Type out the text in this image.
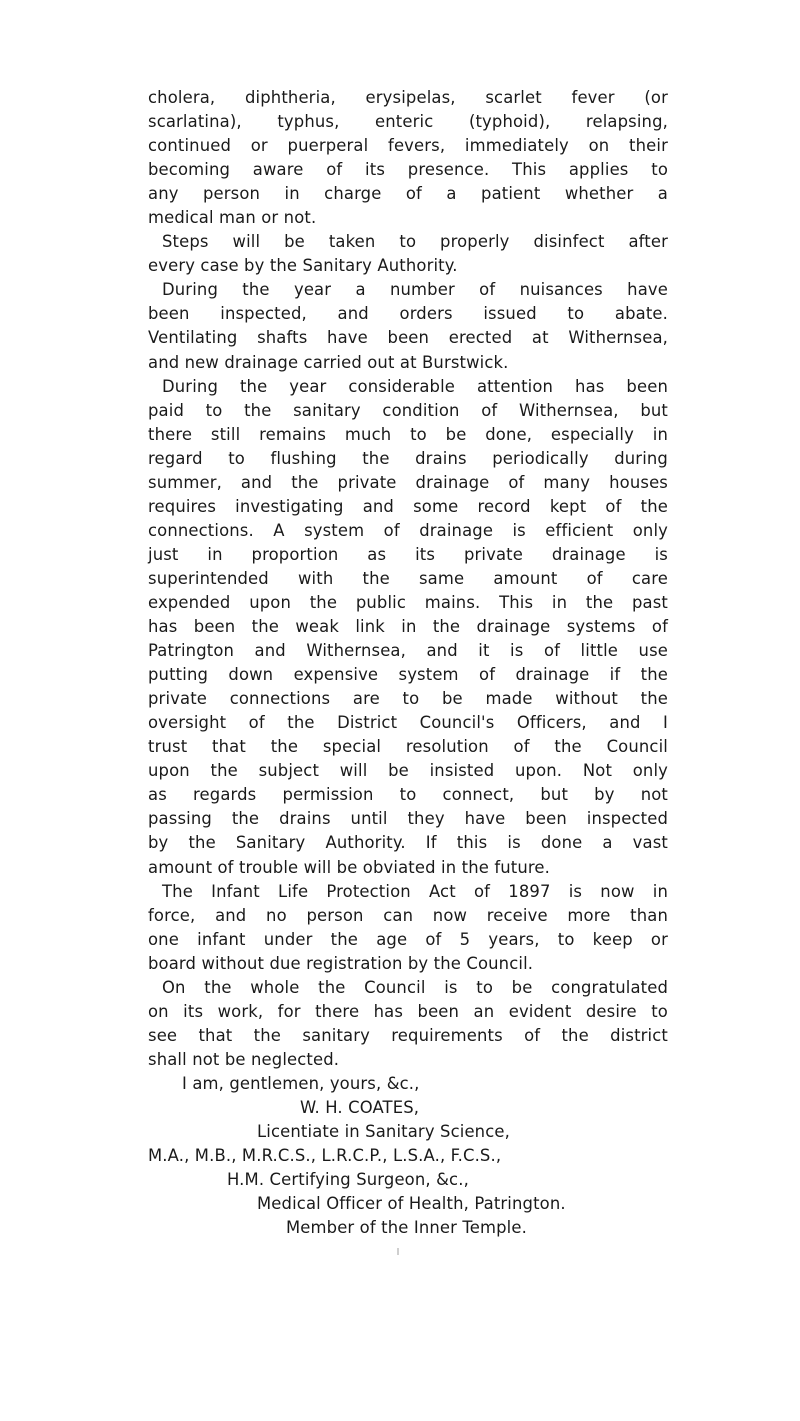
cholera, diphtheria, erysipelas, scarlet fever (or
scarlatina), typhus, enteric (typhoid), relapsing,
continued or puerperal fevers, immediately on their
becoming aware of its presence. This applies to
any person in charge of a patient whether a
medical man or not.
Steps will be taken to properly disinfect after
every case by the Sanitary Authority.
During the year a number of nuisances have
been inspected, and orders issued to abate.
Ventilating shafts have been erected at Withernsea,
and new drainage carried out at Burstwick.
During the year considerable attention has been
paid to the sanitary condition of Withernsea, but
there still remains much to be done, especially in
regard to flushing the drains periodically during
summer, and the private drainage of many houses
requires investigating and some record kept of the
connections. A system of drainage is efficient only
just in proportion as its private drainage is
superintended with the same amount of care
expended upon the public mains. This in the past
has been the weak link in the drainage systems of
Patrington and Withernsea, and it is of little use
putting down expensive system of drainage if the
private connections are to be made without the
oversight of the District Council's Officers, and I
trust that the special resolution of the Council
upon the subject will be insisted upon. Not only
as regards permission to connect, but by not
passing the drains until they have been inspected
by the Sanitary Authority. If this is done a vast
amount of trouble will be obviated in the future.
The Infant Life Protection Act of 1897 is now in
force, and no person can now receive more than
one infant under the age of 5 years, to keep or
board without due registration by the Council.
On the whole the Council is to be congratulated
on its work, for there has been an evident desire to
see that the sanitary requirements of the district
shall not be neglected.
I am, gentlemen, yours, &c.,
W. H. COATES,
Licentiate in Sanitary Science,
M.A., M.B., M.R.C.S., L.R.C.P., L.S.A., F.C.S.,
H.M. Certifying Surgeon, &c.,
Medical Officer of Health, Patrington.
Member of the Inner Temple.
